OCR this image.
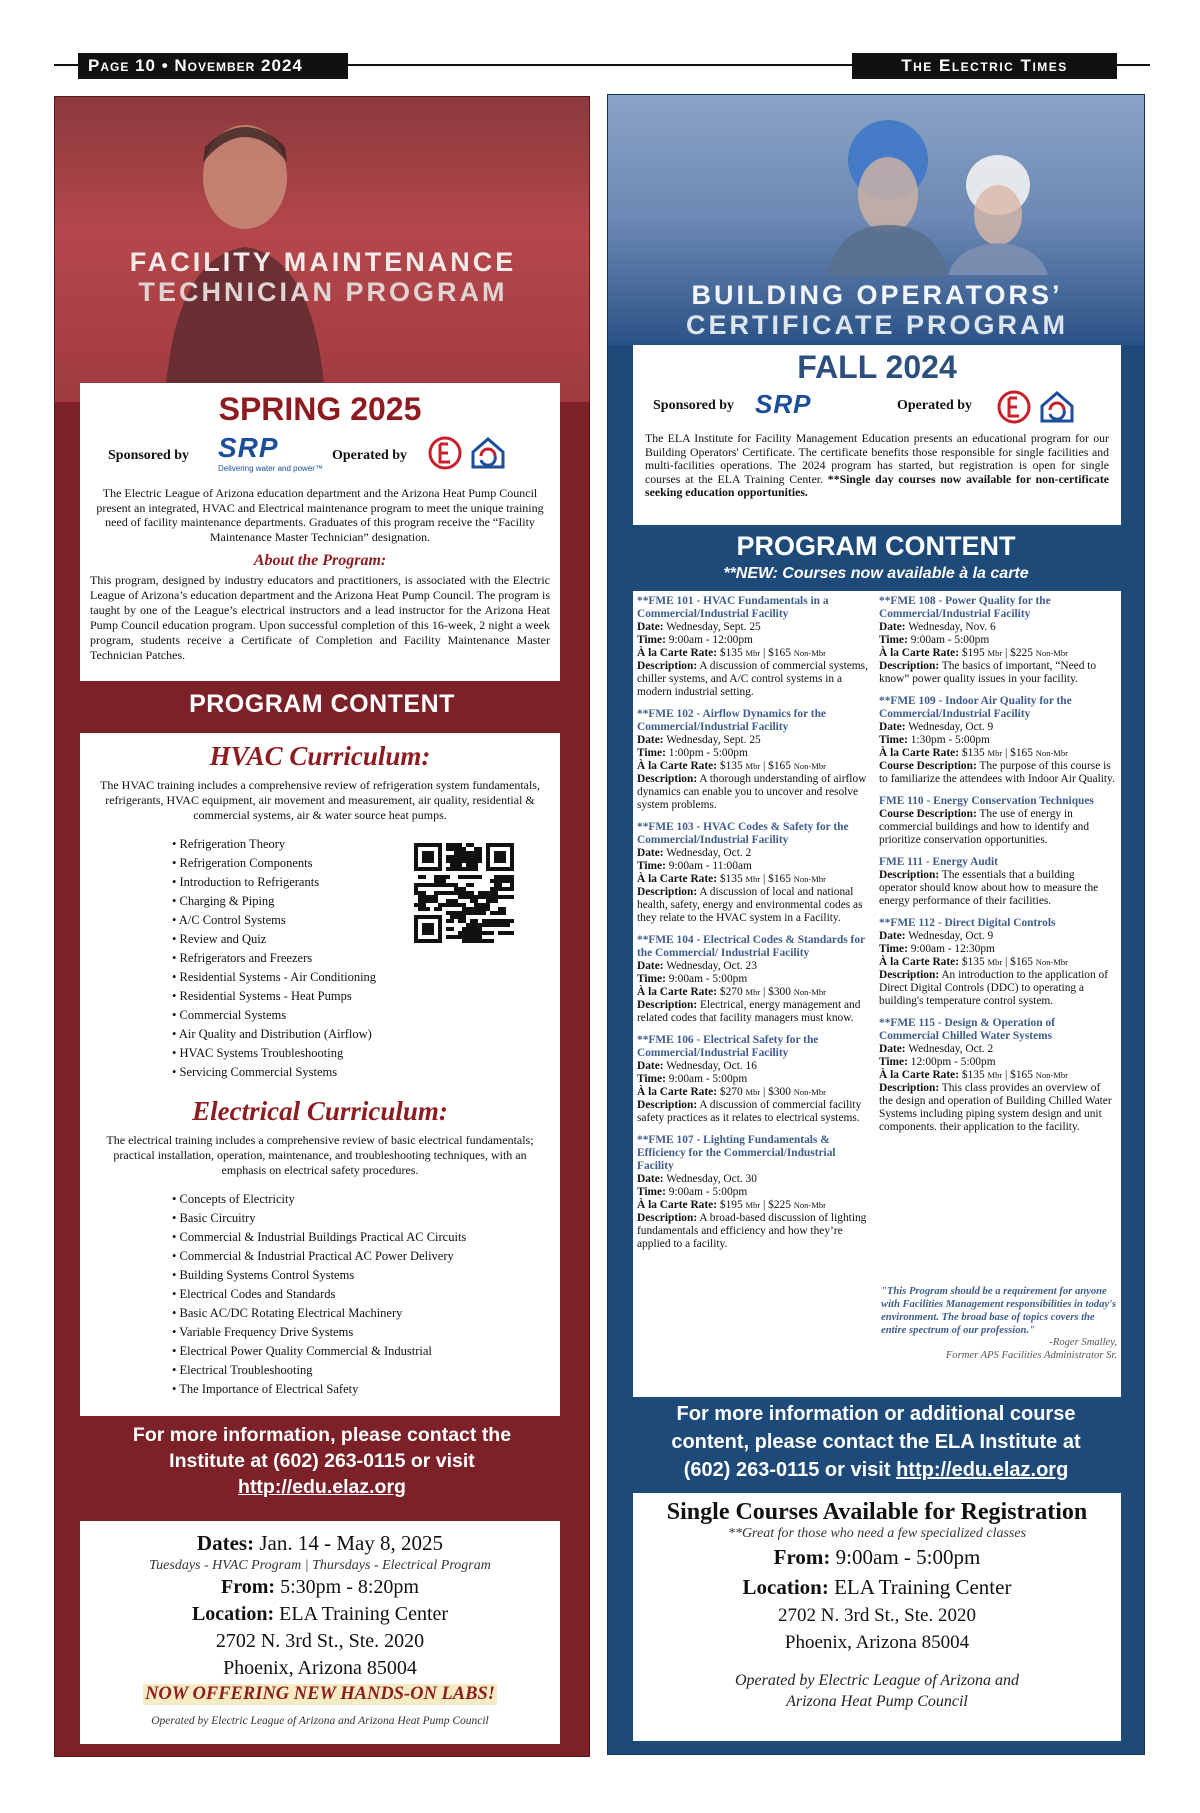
Page 10 • November 2024	The Electric Times
FACILITY MAINTENANCE
TECHNICIAN PROGRAM
SPRING 2025
Sponsored by SRP
Delivering water and power™
Operated by

The Electric League of Arizona education department and the Arizona Heat Pump Council present an integrated, HVAC and Electrical maintenance program to meet the unique training need of facility maintenance departments. Graduates of this program receive the “Facility Maintenance Master Technician” designation.

About the Program:

This program, designed by industry educators and practitioners, is associated with the Electric League of Arizona’s education department and the Arizona Heat Pump Council. The program is taught by one of the League’s electrical instructors and a lead instructor for the Arizona Heat Pump Council education program. Upon successful completion of this 16-week, 2 night a week program, students receive a Certificate of Completion and Facility Maintenance Master Technician Patches.

PROGRAM CONTENT
HVAC Curriculum:

The HVAC training includes a comprehensive review of refrigeration system fundamentals, refrigerants, HVAC equipment, air movement and measurement, air quality, residential & commercial systems, air & water source heat pumps.

• Refrigeration Theory
• Refrigeration Components
• Introduction to Refrigerants
• Charging & Piping
• A/C Control Systems
• Review and Quiz
• Refrigerators and Freezers
• Residential Systems - Air Conditioning
• Residential Systems - Heat Pumps
• Commercial Systems
• Air Quality and Distribution (Airflow)
• HVAC Systems Troubleshooting
• Servicing Commercial Systems
Electrical Curriculum:

The electrical training includes a comprehensive review of basic electrical fundamentals; practical installation, operation, maintenance, and troubleshooting techniques, with an emphasis on electrical safety procedures.

• Concepts of Electricity
• Basic Circuitry
• Commercial & Industrial Buildings Practical AC Circuits
• Commercial & Industrial Practical AC Power Delivery
• Building Systems Control Systems
• Electrical Codes and Standards
• Basic AC/DC Rotating Electrical Machinery
• Variable Frequency Drive Systems
• Electrical Power Quality Commercial & Industrial
• Electrical Troubleshooting
• The Importance of Electrical Safety
For more information, please contact the
Institute at (602) 263-0115 or visit
http://edu.elaz.org
Dates: Jan. 14 - May 8, 2025
Tuesdays - HVAC Program | Thursdays - Electrical Program
From: 5:30pm - 8:20pm
Location: ELA Training Center
2702 N. 3rd St., Ste. 2020
Phoenix, Arizona 85004
NOW OFFERING NEW HANDS-ON LABS!
Operated by Electric League of Arizona and Arizona Heat Pump Council
BUILDING OPERATORS’
CERTIFICATE PROGRAM
FALL 2024
Sponsored by SRP	Operated by

The ELA Institute for Facility Management Education presents an educational program for our Building Operators' Certificate. The certificate benefits those responsible for single facilities and multi-facilities operations. The 2024 program has started, but registration is open for single courses at the ELA Training Center. **Single day courses now available for non-certificate seeking education opportunities.

PROGRAM CONTENT
**NEW: Courses now available à la carte
**FME 101 - HVAC Fundamentals in a Commercial/Industrial Facility
Date: Wednesday, Sept. 25
Time: 9:00am - 12:00pm
À la Carte Rate: $135 Mbr | $165 Non-Mbr
Description: A discussion of commercial systems, chiller systems, and A/C control systems in a modern industrial setting.
**FME 102 - Airflow Dynamics for the Commercial/Industrial Facility
Date: Wednesday, Sept. 25
Time: 1:00pm - 5:00pm
À la Carte Rate: $135 Mbr | $165 Non-Mbr
Description: A thorough understanding of airflow dynamics can enable you to uncover and resolve system problems.
**FME 103 - HVAC Codes & Safety for the Commercial/Industrial Facility
Date: Wednesday, Oct. 2
Time: 9:00am - 11:00am
À la Carte Rate: $135 Mbr | $165 Non-Mbr
Description: A discussion of local and national health, safety, energy and environmental codes as they relate to the HVAC system in a Facility.
**FME 104 - Electrical Codes & Standards for the Commercial/ Industrial Facility
Date: Wednesday, Oct. 23
Time: 9:00am - 5:00pm
À la Carte Rate: $270 Mbr | $300 Non-Mbr
Description: Electrical, energy management and related codes that facility managers must know.
**FME 106 - Electrical Safety for the Commercial/Industrial Facility
Date: Wednesday, Oct. 16
Time: 9:00am - 5:00pm
À la Carte Rate: $270 Mbr | $300 Non-Mbr
Description: A discussion of commercial facility safety practices as it relates to electrical systems.
**FME 107 - Lighting Fundamentals & Efficiency for the Commercial/Industrial Facility
Date: Wednesday, Oct. 30
Time: 9:00am - 5:00pm
À la Carte Rate: $195 Mbr | $225 Non-Mbr
Description: A broad-based discussion of lighting fundamentals and efficiency and how they’re applied to a facility.
**FME 108 - Power Quality for the Commercial/Industrial Facility
Date: Wednesday, Nov. 6
Time: 9:00am - 5:00pm
À la Carte Rate: $195 Mbr | $225 Non-Mbr
Description: The basics of important, “Need to know” power quality issues in your facility.
**FME 109 - Indoor Air Quality for the Commercial/Industrial Facility
Date: Wednesday, Oct. 9
Time: 1:30pm - 5:00pm
À la Carte Rate: $135 Mbr | $165 Non-Mbr
Course Description: The purpose of this course is to familiarize the attendees with Indoor Air Quality.
FME 110 - Energy Conservation Techniques
Course Description: The use of energy in commercial buildings and how to identify and prioritize conservation opportunities.
FME 111 - Energy Audit
Description: The essentials that a building operator should know about how to measure the energy performance of their facilities.
**FME 112 - Direct Digital Controls
Date: Wednesday, Oct. 9
Time: 9:00am - 12:30pm
À la Carte Rate: $135 Mbr | $165 Non-Mbr
Description: An introduction to the application of Direct Digital Controls (DDC) to operating a building's temperature control system.
**FME 115 - Design & Operation of Commercial Chilled Water Systems
Date: Wednesday, Oct. 2
Time: 12:00pm - 5:00pm
À la Carte Rate: $135 Mbr | $165 Non-Mbr
Description: This class provides an overview of the design and operation of Building Chilled Water Systems including piping system design and unit components. their application to the facility.
"This Program should be a requirement for anyone with Facilities Management responsibilities in today's environment. The broad base of topics covers the entire spectrum of our profession."
-Roger Smalley,
Former APS Facilities Administrator Sr.
For more information or additional course
content, please contact the ELA Institute at
(602) 263-0115 or visit http://edu.elaz.org
Single Courses Available for Registration
**Great for those who need a few specialized classes
From: 9:00am - 5:00pm
Location: ELA Training Center
2702 N. 3rd St., Ste. 2020
Phoenix, Arizona 85004
Operated by Electric League of Arizona and
Arizona Heat Pump Council
